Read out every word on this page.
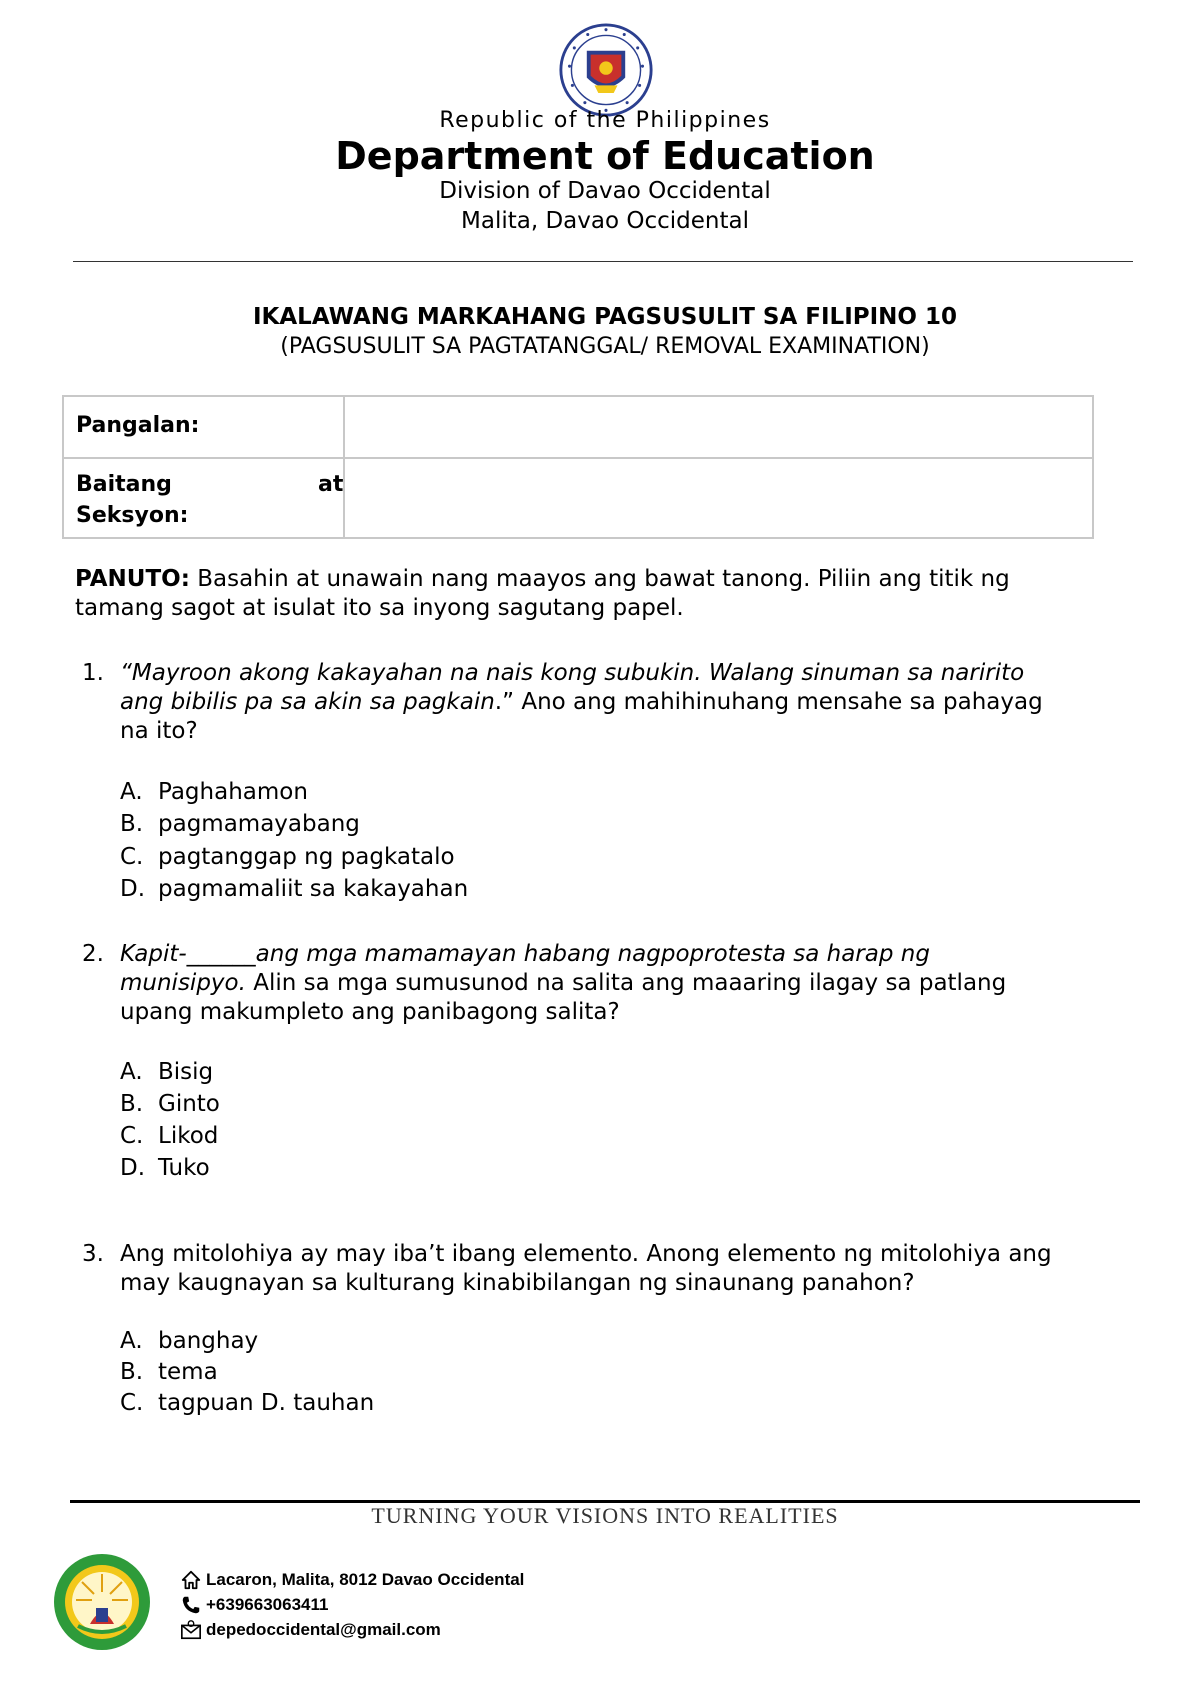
Republic of the Philippines
Department of Education
Division of Davao Occidental
Malita, Davao Occidental
IKALAWANG MARKAHANG PAGSUSULIT SA FILIPINO 10
(PAGSUSULIT SA PAGTATANGGAL/ REMOVAL EXAMINATION)
Pangalan:	

Baitang at
Seksyon:	

PANUTO: Basahin at unawain nang maayos ang bawat tanong. Piliin ang titik ng
tamang sagot at isulat ito sa inyong sagutang papel.
1. “Mayroon akong kakayahan na nais kong subukin. Walang sinuman sa naririto
ang bibilis pa sa akin sa pagkain.” Ano ang mahihinuhang mensahe sa pahayag
na ito?
A. Paghahamon
B. pagmamayabang
C. pagtanggap ng pagkatalo
D. pagmamaliit sa kakayahan
2. Kapit-______ang mga mamamayan habang nagpoprotesta sa harap ng
munisipyo. Alin sa mga sumusunod na salita ang maaaring ilagay sa patlang
upang makumpleto ang panibagong salita?
A. Bisig
B. Ginto
C. Likod
D. Tuko
3. Ang mitolohiya ay may iba’t ibang elemento. Anong elemento ng mitolohiya ang
may kaugnayan sa kulturang kinabibilangan ng sinaunang panahon?
A. banghay
B. tema
C. tagpuan D. tauhan
TURNING YOUR VISIONS INTO REALITIES
Lacaron, Malita, 8012 Davao Occidental
+639663063411
depedoccidental@gmail.com
